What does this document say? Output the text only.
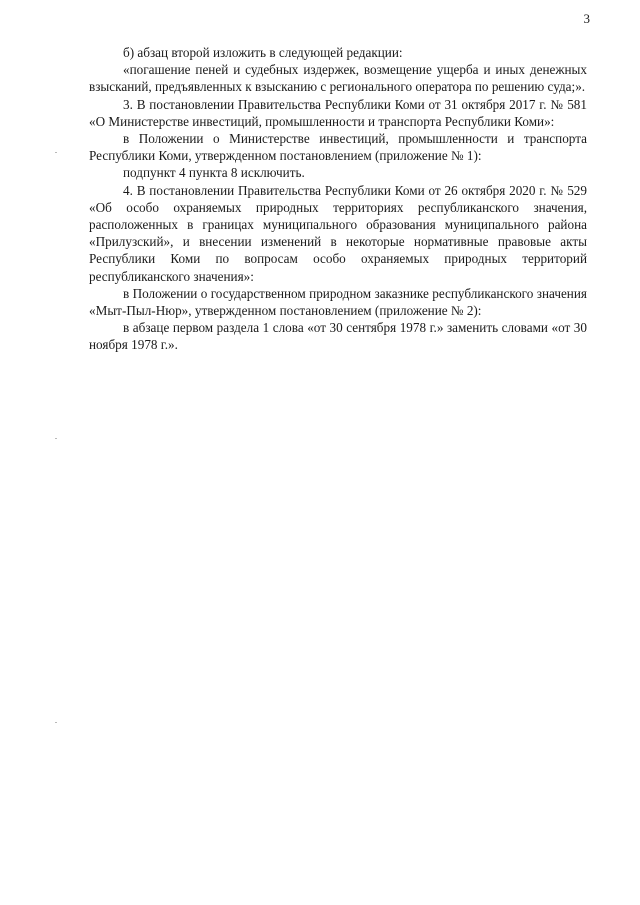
3

б) абзац второй изложить в следующей редакции:

«погашение пеней и судебных издержек, возмещение ущерба и иных денежных взысканий, предъявленных к взысканию с регионального оператора по решению суда;».

3. В постановлении Правительства Республики Коми от 31 октября 2017 г. № 581 «О Министерстве инвестиций, промышленности и транспорта Республики Коми»:

в Положении о Министерстве инвестиций, промышленности и транспорта Республики Коми, утвержденном постановлением (приложение № 1):

подпункт 4 пункта 8 исключить.

4. В постановлении Правительства Республики Коми от 26 октября 2020 г. № 529 «Об особо охраняемых природных территориях республиканского значения, расположенных в границах муниципального образования муниципального района «Прилузский», и внесении изменений в некоторые нормативные правовые акты Республики Коми по вопросам особо охраняемых природных территорий республиканского значения»:

в Положении о государственном природном заказнике республиканского значения «Мыт-Пыл-Нюр», утвержденном постановлением (приложение № 2):

в абзаце первом раздела 1 слова «от 30 сентября 1978 г.» заменить словами «от 30 ноября 1978 г.».
